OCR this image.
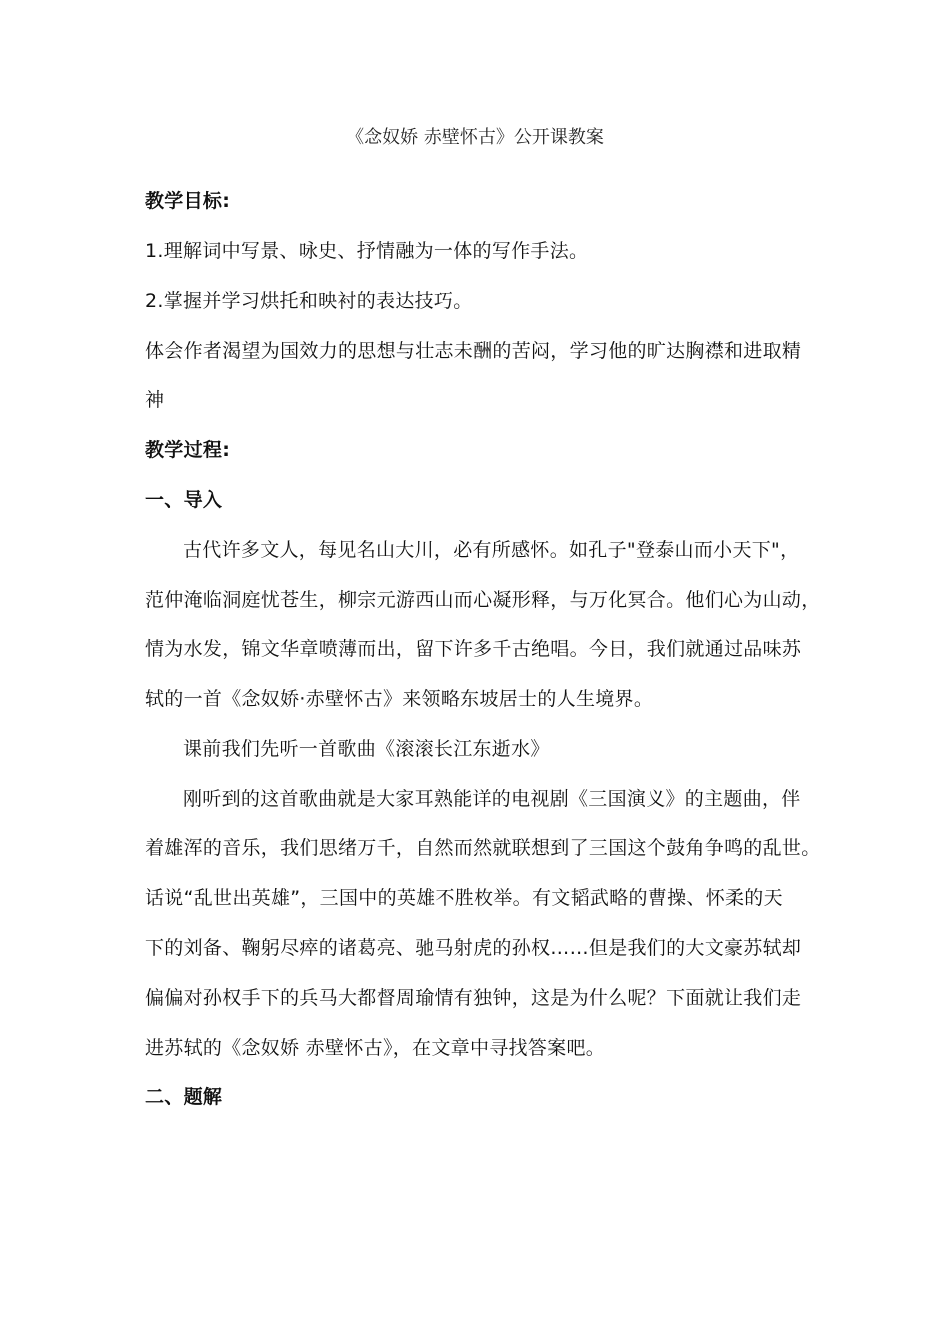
《念奴娇 赤壁怀古》公开课教案
教学目标:
1.理解词中写景、咏史、抒情融为一体的写作手法。
2.掌握并学习烘托和映衬的表达技巧。
体会作者渴望为国效力的思想与壮志未酬的苦闷，学习他的旷达胸襟和进取精
神
教学过程:
一、导入
古代许多文人，每见名山大川，必有所感怀。如孔子"登泰山而小天下"，
范仲淹临洞庭忧苍生，柳宗元游西山而心凝形释，与万化冥合。他们心为山动，
情为水发，锦文华章喷薄而出，留下许多千古绝唱。今日，我们就通过品味苏
轼的一首《念奴娇·赤壁怀古》来领略东坡居士的人生境界。
课前我们先听一首歌曲《滚滚长江东逝水》
刚听到的这首歌曲就是大家耳熟能详的电视剧《三国演义》的主题曲，伴
着雄浑的音乐，我们思绪万千，自然而然就联想到了三国这个鼓角争鸣的乱世。
话说“乱世出英雄”，三国中的英雄不胜枚举。有文韬武略的曹操、怀柔的天
下的刘备、鞠躬尽瘁的诸葛亮、驰马射虎的孙权……但是我们的大文豪苏轼却
偏偏对孙权手下的兵马大都督周瑜情有独钟，这是为什么呢？下面就让我们走
进苏轼的《念奴娇 赤壁怀古》，在文章中寻找答案吧。
二、题解
